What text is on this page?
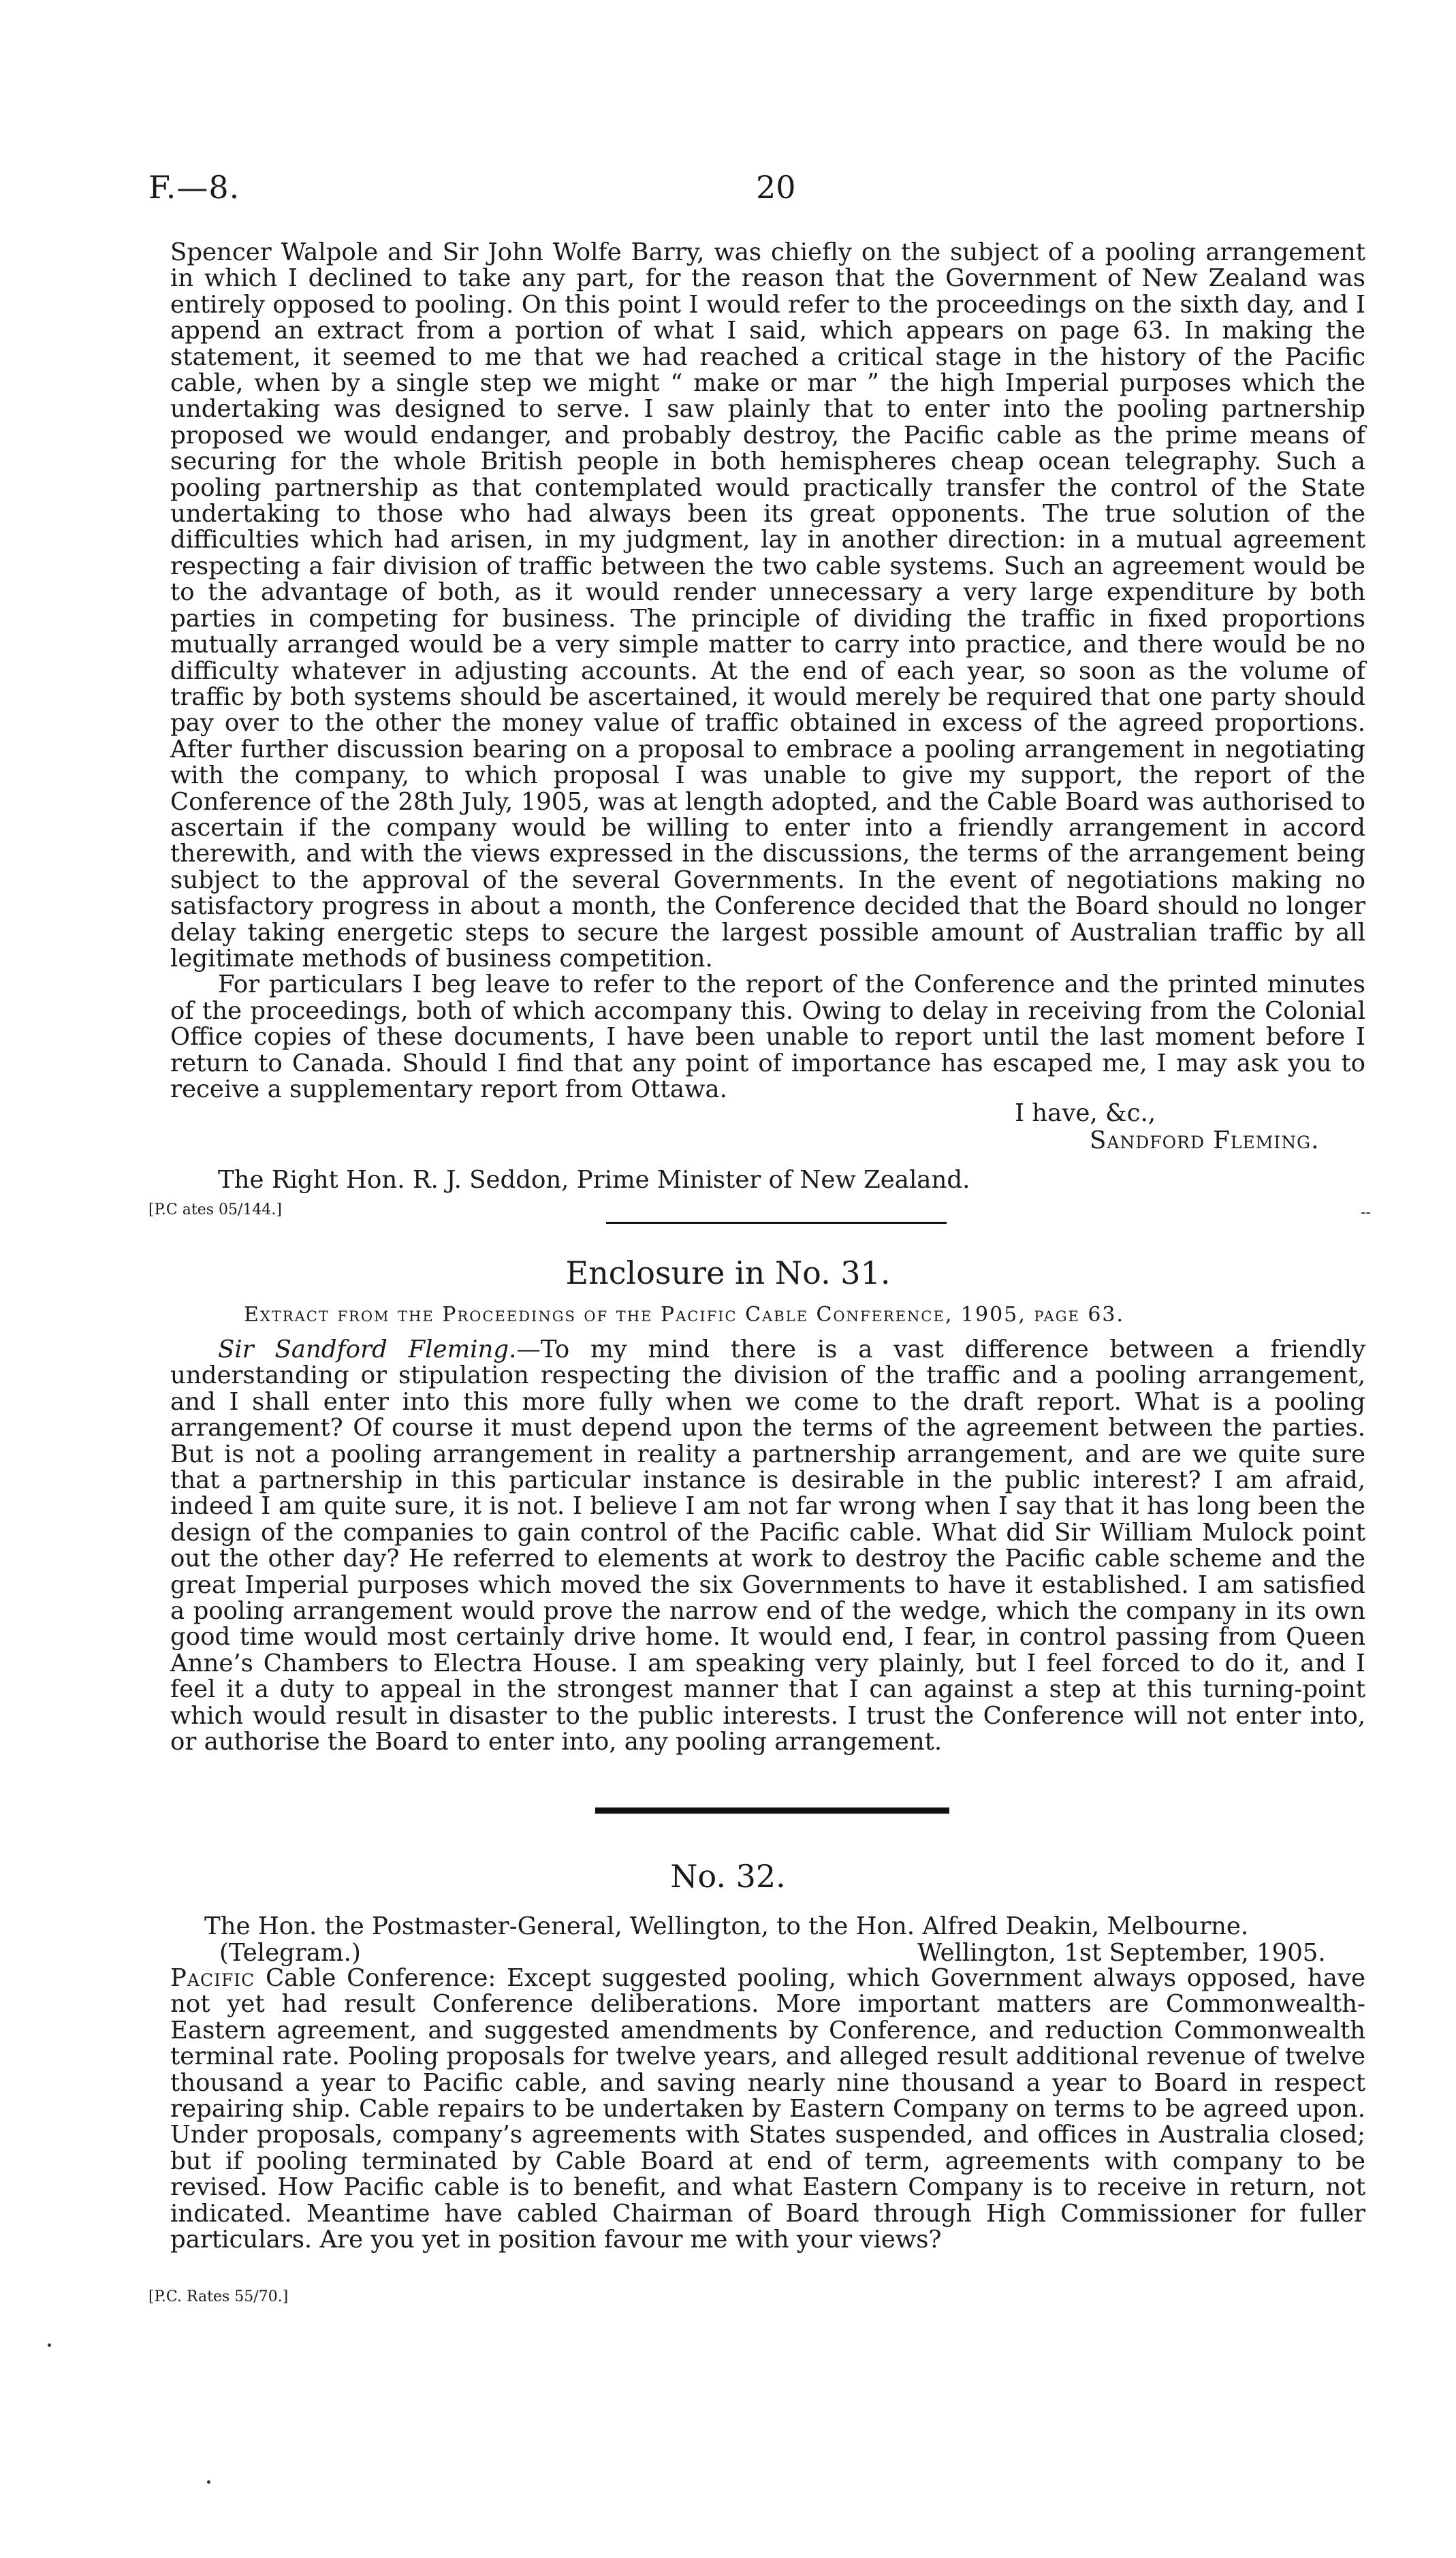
F.—8.	20

Spencer Walpole and Sir John Wolfe Barry, was chiefly on the subject of a pooling arrangement in which I declined to take any part, for the reason that the Government of New Zealand was entirely opposed to pooling. On this point I would refer to the proceedings on the sixth day, and I append an extract from a portion of what I said, which appears on page 63. In making the statement, it seemed to me that we had reached a critical stage in the history of the Pacific cable, when by a single step we might “ make or mar ” the high Imperial purposes which the undertaking was designed to serve. I saw plainly that to enter into the pooling partnership proposed we would endanger, and probably destroy, the Pacific cable as the prime means of securing for the whole British people in both hemispheres cheap ocean telegraphy. Such a pooling partnership as that contemplated would practically transfer the control of the State undertaking to those who had always been its great opponents. The true solution of the difficulties which had arisen, in my judgment, lay in another direction: in a mutual agreement respecting a fair division of traffic between the two cable systems. Such an agreement would be to the advantage of both, as it would render unnecessary a very large expenditure by both parties in competing for business. The principle of dividing the traffic in fixed proportions mutually arranged would be a very simple matter to carry into practice, and there would be no difficulty whatever in adjusting accounts. At the end of each year, so soon as the volume of traffic by both systems should be ascertained, it would merely be required that one party should pay over to the other the money value of traffic obtained in excess of the agreed proportions. After further discussion bearing on a proposal to embrace a pooling arrangement in negotiating with the company, to which proposal I was unable to give my support, the report of the Conference of the 28th July, 1905, was at length adopted, and the Cable Board was authorised to ascertain if the company would be willing to enter into a friendly arrangement in accord therewith, and with the views expressed in the discussions, the terms of the arrangement being subject to the approval of the several Governments. In the event of negotiations making no satisfactory progress in about a month, the Conference decided that the Board should no longer delay taking energetic steps to secure the largest possible amount of Australian traffic by all legitimate methods of business competition.

For particulars I beg leave to refer to the report of the Conference and the printed minutes of the proceedings, both of which accompany this. Owing to delay in receiving from the Colonial Office copies of these documents, I have been unable to report until the last moment before I return to Canada. Should I find that any point of importance has escaped me, I may ask you to receive a supplementary report from Ottawa.

I have, &c.,
Sandford Fleming.
The Right Hon. R. J. Seddon, Prime Minister of New Zealand.
[P.C ates 05/144.]	--
Enclosure in No. 31.
Extract from the Proceedings of the Pacific Cable Conference, 1905, page 63.

Sir Sandford Fleming.—To my mind there is a vast difference between a friendly understanding or stipulation respecting the division of the traffic and a pooling arrangement, and I shall enter into this more fully when we come to the draft report. What is a pooling arrangement? Of course it must depend upon the terms of the agreement between the parties. But is not a pooling arrangement in reality a partnership arrangement, and are we quite sure that a partnership in this particular instance is desirable in the public interest? I am afraid, indeed I am quite sure, it is not. I believe I am not far wrong when I say that it has long been the design of the companies to gain control of the Pacific cable. What did Sir William Mulock point out the other day? He referred to elements at work to destroy the Pacific cable scheme and the great Imperial purposes which moved the six Governments to have it established. I am satisfied a pooling arrangement would prove the narrow end of the wedge, which the company in its own good time would most certainly drive home. It would end, I fear, in control passing from Queen Anne’s Chambers to Electra House. I am speaking very plainly, but I feel forced to do it, and I feel it a duty to appeal in the strongest manner that I can against a step at this turning-point which would result in disaster to the public interests. I trust the Conference will not enter into, or authorise the Board to enter into, any pooling arrangement.

No. 32.
The Hon. the Postmaster-General, Wellington, to the Hon. Alfred Deakin, Melbourne.
(Telegram.)	Wellington, 1st September, 1905.

Pacific Cable Conference: Except suggested pooling, which Government always opposed, have not yet had result Conference deliberations. More important matters are Commonwealth-Eastern agreement, and suggested amendments by Conference, and reduction Commonwealth terminal rate. Pooling proposals for twelve years, and alleged result additional revenue of twelve thousand a year to Pacific cable, and saving nearly nine thousand a year to Board in respect repairing ship. Cable repairs to be undertaken by Eastern Company on terms to be agreed upon. Under proposals, company’s agreements with States suspended, and offices in Australia closed; but if pooling terminated by Cable Board at end of term, agreements with company to be revised. How Pacific cable is to benefit, and what Eastern Company is to receive in return, not indicated. Meantime have cabled Chairman of Board through High Commissioner for fuller particulars. Are you yet in position favour me with your views?

[P.C. Rates 55/70.]
